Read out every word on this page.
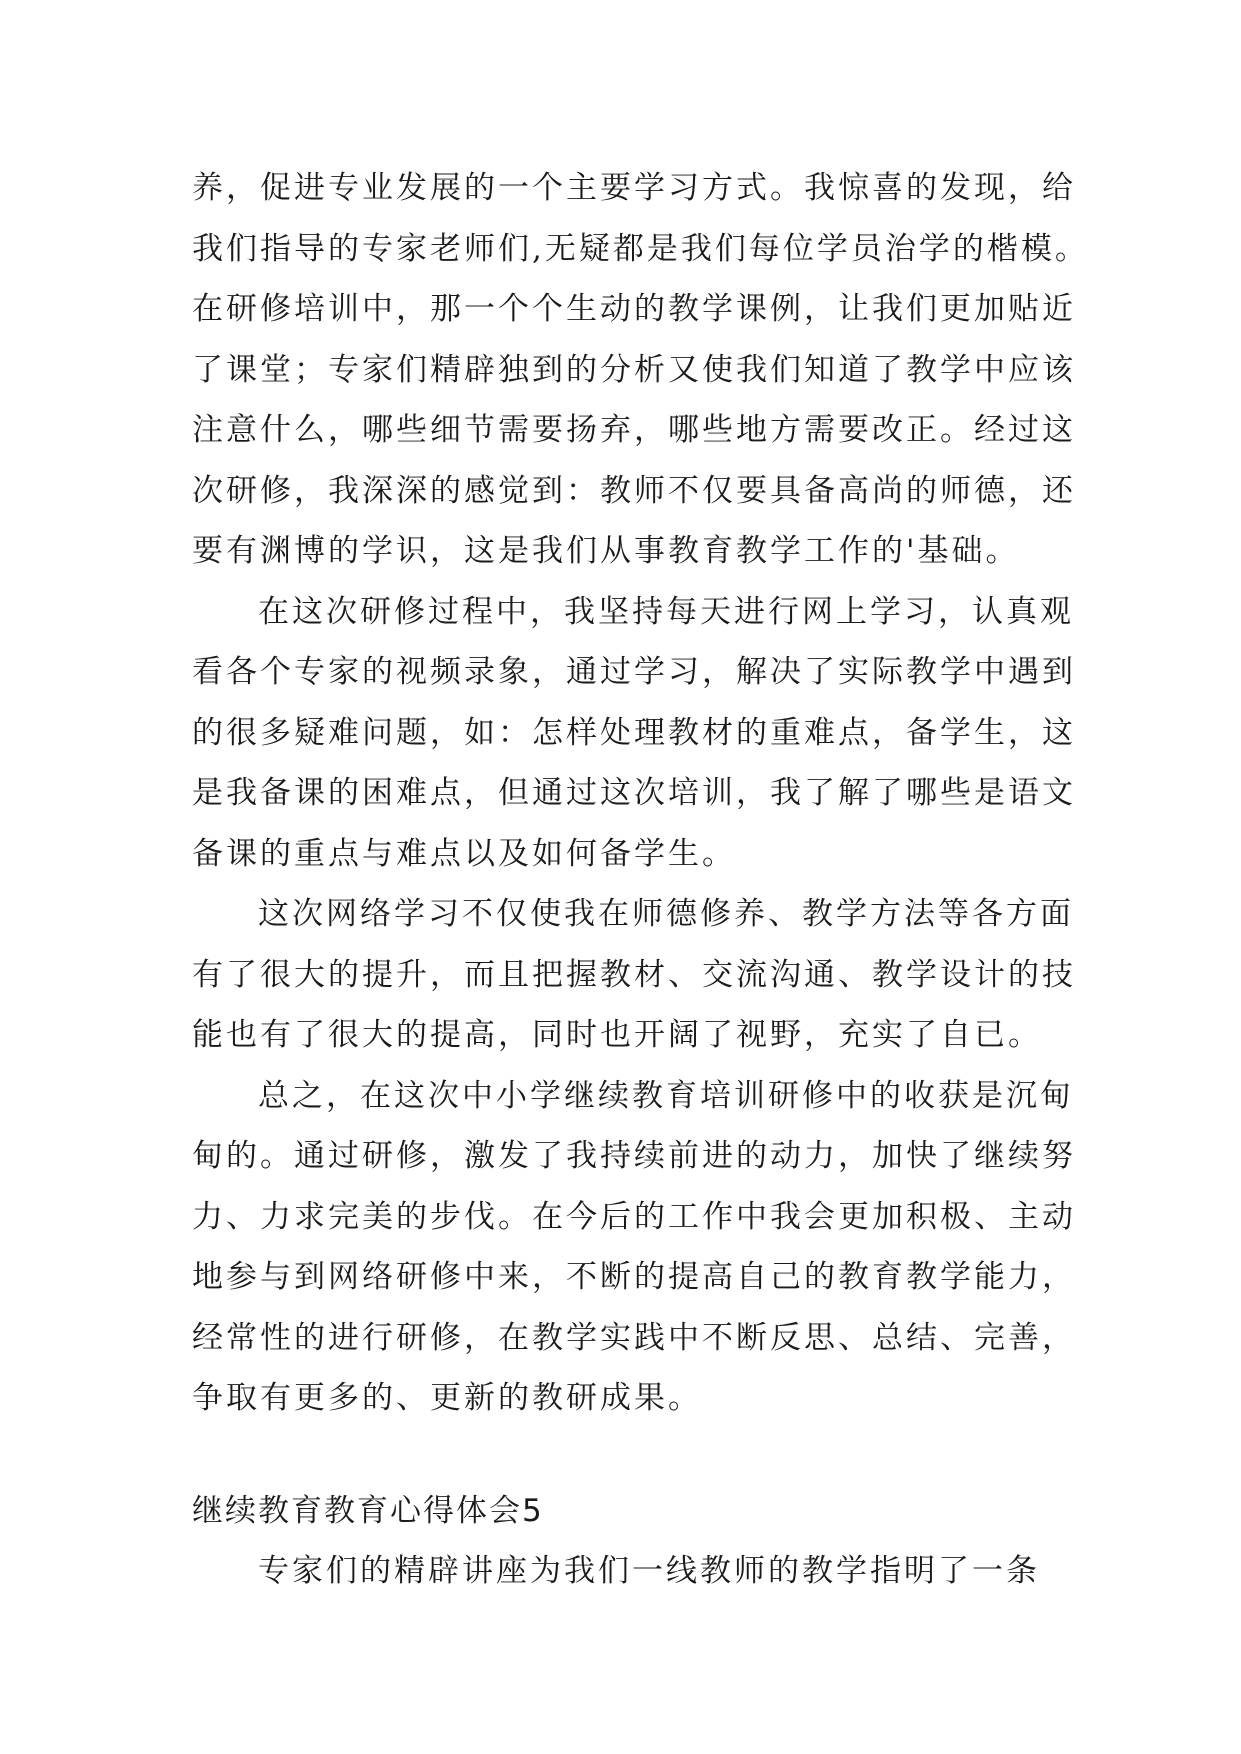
养，促进专业发展的一个主要学习方式。我惊喜的发现，给
我们指导的专家老师们,无疑都是我们每位学员治学的楷模。
在研修培训中，那一个个生动的教学课例，让我们更加贴近
了课堂；专家们精辟独到的分析又使我们知道了教学中应该
注意什么，哪些细节需要扬弃，哪些地方需要改正。经过这
次研修，我深深的感觉到：教师不仅要具备高尚的师德，还
要有渊博的学识，这是我们从事教育教学工作的'基础。
在这次研修过程中，我坚持每天进行网上学习，认真观
看各个专家的视频录象，通过学习，解决了实际教学中遇到
的很多疑难问题，如：怎样处理教材的重难点，备学生，这
是我备课的困难点，但通过这次培训，我了解了哪些是语文
备课的重点与难点以及如何备学生。
这次网络学习不仅使我在师德修养、教学方法等各方面
有了很大的提升，而且把握教材、交流沟通、教学设计的技
能也有了很大的提高，同时也开阔了视野，充实了自已。
总之，在这次中小学继续教育培训研修中的收获是沉甸
甸的。通过研修，激发了我持续前进的动力，加快了继续努
力、力求完美的步伐。在今后的工作中我会更加积极、主动
地参与到网络研修中来，不断的提高自己的教育教学能力，
经常性的进行研修，在教学实践中不断反思、总结、完善，
争取有更多的、更新的教研成果。
继续教育教育心得体会5
专家们的精辟讲座为我们一线教师的教学指明了一条
